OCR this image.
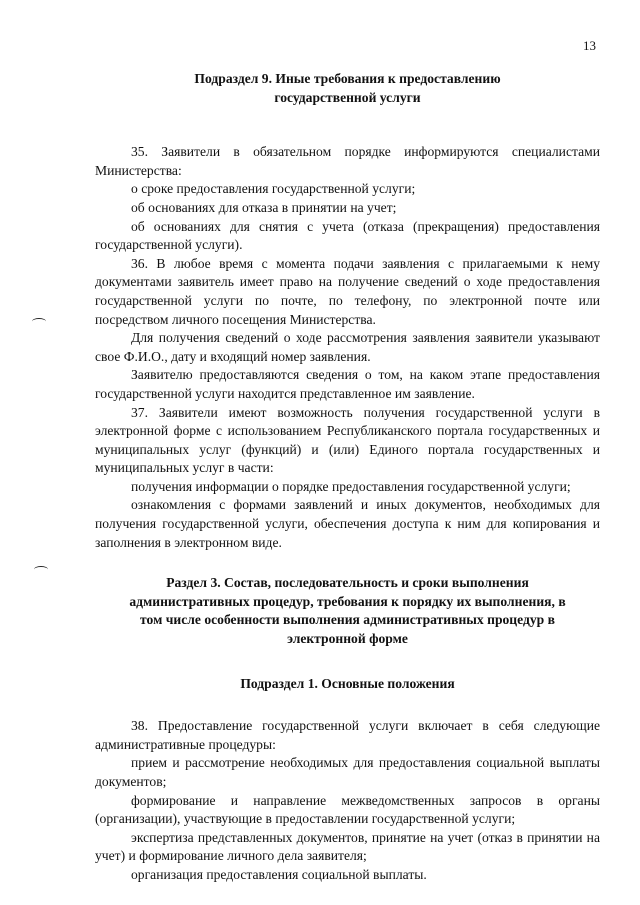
13
Подраздел 9. Иные требования к предоставлению
государственной услуги

35. Заявители в обязательном порядке информируются специалистами Министерства:

о сроке предоставления государственной услуги;

об основаниях для отказа в принятии на учет;

об основаниях для снятия с учета (отказа (прекращения) предоставления государственной услуги).

36. В любое время с момента подачи заявления с прилагаемыми к нему документами заявитель имеет право на получение сведений о ходе предоставления государственной услуги по почте, по телефону, по электронной почте или посредством личного посещения Министерства.

Для получения сведений о ходе рассмотрения заявления заявители указывают свое Ф.И.О., дату и входящий номер заявления.

Заявителю предоставляются сведения о том, на каком этапе предоставления государственной услуги находится представленное им заявление.

37. Заявители имеют возможность получения государственной услуги в электронной форме с использованием Республиканского портала государственных и муниципальных услуг (функций) и (или) Единого портала государственных и муниципальных услуг в части:

получения информации о порядке предоставления государственной услуги;

ознакомления с формами заявлений и иных документов, необходимых для получения государственной услуги, обеспечения доступа к ним для копирования и заполнения в электронном виде.

Раздел 3. Состав, последовательность и сроки выполнения
административных процедур, требования к порядку их выполнения, в
том числе особенности выполнения административных процедур в
электронной форме
Подраздел 1. Основные положения

38. Предоставление государственной услуги включает в себя следующие административные процедуры:

прием и рассмотрение необходимых для предоставления социальной выплаты документов;

формирование и направление межведомственных запросов в органы (организации), участвующие в предоставлении государственной услуги;

экспертиза представленных документов, принятие на учет (отказ в принятии на учет) и формирование личного дела заявителя;

организация предоставления социальной выплаты.
